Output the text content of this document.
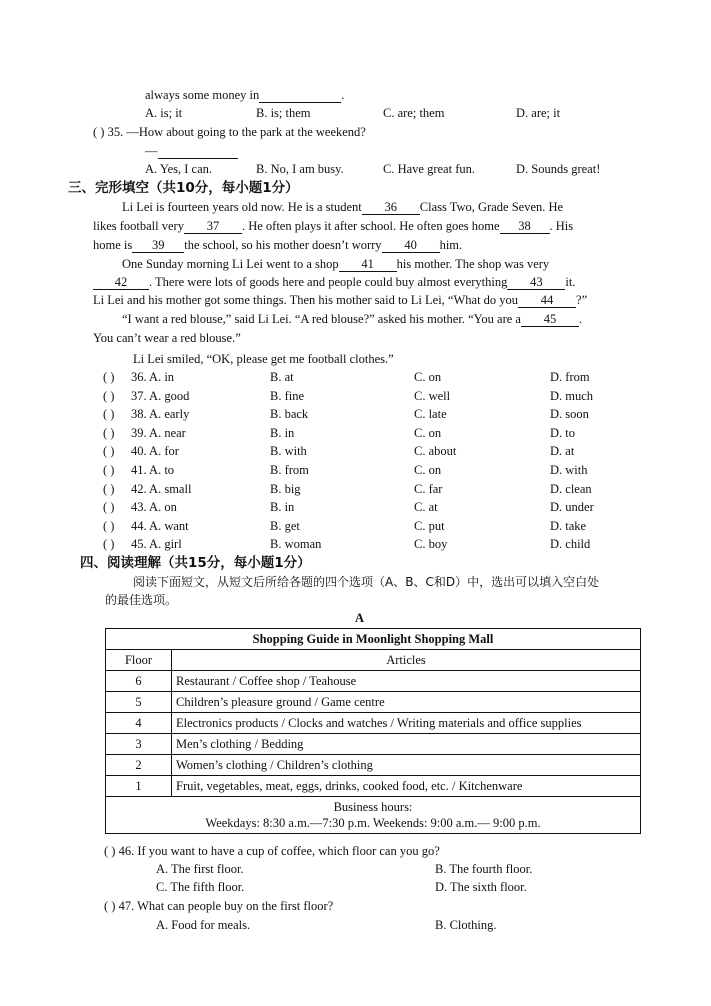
always some money in	.
A. is; it	B. is; them	C. are; them	D. are; it
( ) 35. —How about going to the park at the weekend?
—
A. Yes, I can.	B. No, I am busy.	C. Have great fun.	D. Sounds great!
三、完形填空（共10分，每小题1分）
Li Lei is fourteen years old now. He is a student 36 Class Two, Grade Seven. He
likes football very 37 . He often plays it after school. He often goes home 38 . His
home is 39 the school, so his mother doesn’t worry 40 him.
One Sunday morning Li Lei went to a shop 41 his mother. The shop was very
42 . There were lots of goods here and people could buy almost everything 43 it.
Li Lei and his mother got some things. Then his mother said to Li Lei, “What do you 44 ?”
“I want a red blouse,” said Li Lei. “A red blouse?” asked his mother. “You are a 45 .
You can’t wear a red blouse.”
Li Lei smiled, “OK, please get me football clothes.”
( ) 36. A. in	B. at	C. on	D. from
( ) 37. A. good	B. fine	C. well	D. much
( ) 38. A. early	B. back	C. late	D. soon
( ) 39. A. near	B. in	C. on	D. to
( ) 40. A. for	B. with	C. about	D. at
( ) 41. A. to	B. from	C. on	D. with
( ) 42. A. small	B. big	C. far	D. clean
( ) 43. A. on	B. in	C. at	D. under
( ) 44. A. want	B. get	C. put	D. take
( ) 45. A. girl	B. woman	C. boy	D. child
四、阅读理解（共15分，每小题1分）
阅读下面短文，从短文后所给各题的四个选项（A、B、C和D）中，选出可以填入空白处
的最佳选项。
A
Shopping Guide in Moonlight Shopping Mall	
Floor	Articles
6	Restaurant / Coffee shop / Teahouse
5	Children’s pleasure ground / Game centre
4	Electronics products / Clocks and watches / Writing materials and office supplies
3	Men’s clothing / Bedding
2	Women’s clothing / Children’s clothing
1	Fruit, vegetables, meat, eggs, drinks, cooked food, etc. / Kitchenware

Business hours:
Weekdays: 8:30 a.m.—7:30 p.m. Weekends: 9:00 a.m.— 9:00 p.m.	
( ) 46. If you want to have a cup of coffee, which floor can you go?
A. The first floor.	B. The fourth floor.
C. The fifth floor.	D. The sixth floor.
( ) 47. What can people buy on the first floor?
A. Food for meals.	B. Clothing.
